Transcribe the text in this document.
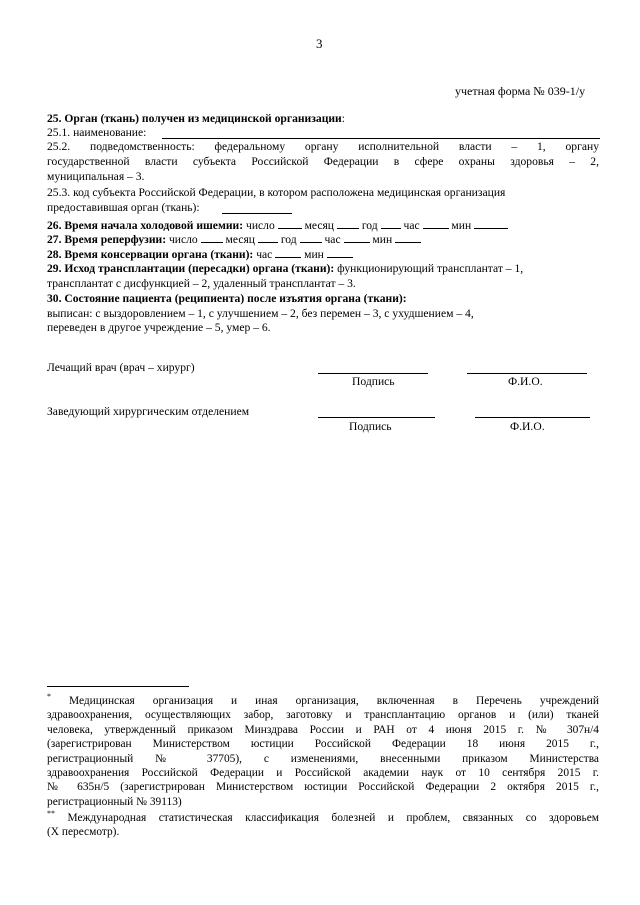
3
учетная форма № 039-1/у
25. Орган (ткань) получен из медицинской организации:
25.1. наименование:
25.2. подведомственность: федеральному органу исполнительной власти – 1, органу
государственной власти субъекта Российской Федерации в сфере охраны здоровья – 2,
муниципальная – 3.
25.3. код субъекта Российской Федерации, в котором расположена медицинская организация
предоставившая орган (ткань):
26. Время начала холодовой ишемии: число	месяц год час	мин
27. Время реперфузии: число месяц год час	мин
28. Время консервации органа (ткани): час	мин
29. Исход трансплантации (пересадки) органа (ткани): функционирующий трансплантат – 1,
трансплантат с дисфункцией – 2, удаленный трансплантат – 3.
30. Состояние пациента (реципиента) после изъятия органа (ткани):
выписан: с выздоровлением – 1, с улучшением – 2, без перемен – 3, с ухудшением – 4,
переведен в другое учреждение – 5, умер – 6.
Лечащий врач (врач – хирург)
Подпись	Ф.И.О.
Заведующий хирургическим отделением
Подпись	Ф.И.О.
* Медицинская организация и иная организация, включенная в Перечень учреждений
здравоохранения, осуществляющих забор, заготовку и трансплантацию органов и (или) тканей
человека, утвержденный приказом Минздрава России и РАН от 4 июня 2015 г. № 307н/4
(зарегистрирован Министерством юстиции Российской Федерации 18 июня 2015 г.,
регистрационный № 37705), с изменениями, внесенными приказом Министерства
здравоохранения Российской Федерации и Российской академии наук от 10 сентября 2015 г.
№ 635н/5 (зарегистрирован Министерством юстиции Российской Федерации 2 октября 2015 г.,
регистрационный № 39113)
** Международная статистическая классификация болезней и проблем, связанных со здоровьем
(X пересмотр).
